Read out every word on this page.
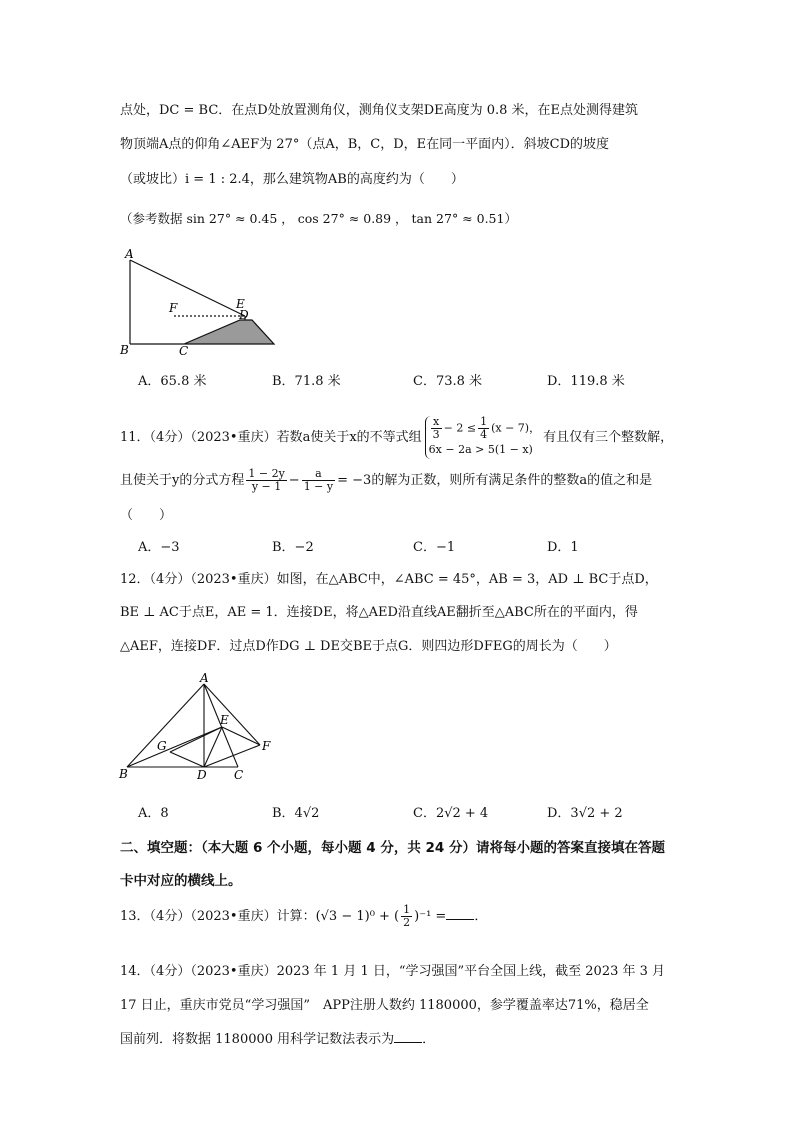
点处，DC = BC．在点D处放置测角仪，测角仪支架DE高度为 0.8 米，在E点处测得建筑
物顶端A点的仰角∠AEF为 27°（点A，B，C，D，E在同一平面内）．斜坡CD的坡度
（或坡比）i = 1 : 2.4，那么建筑物AB的高度约为（　　）
（参考数据 sin 27° ≈ 0.45 ， cos 27° ≈ 0.89 ， tan 27° ≈ 0.51）
A
B	C
F	E
D
A．65.8 米	B．71.8 米	C．73.8 米	D．119.8 米
11．（4分）（2023•重庆）若数a使关于x的不等式组 $\frac{x}{3} - 2 \le \frac{1}{4} (x - 7)$，
6x − 2a > 5(1 − x)
有且仅有三个整数解，
且使关于y的分式方程 $\frac{1 - 2y}{y - 1} - \frac{a}{1 - y} = -3$的解为正数，则所有满足条件的整数a的值之和是
（　　）
A．−3	B．−2	C．−1	D．1
12．（4分）（2023•重庆）如图，在△ABC中，∠ABC = 45°，AB = 3，AD ⊥ BC于点D，
BE ⊥ AC于点E，AE = 1．连接DE，将△AED沿直线AE翻折至△ABC所在的平面内，得
△AEF，连接DF．过点D作DG ⊥ DE交BE于点G．则四边形DFEG的周长为（　　）
A
B	D C
E
F
G
A．8	B．4√2	C．2√2 + 4	D．3√2 + 2
二、填空题：（本大题 6 个小题，每小题 4 分，共 24 分）请将每小题的答案直接填在答题
卡中对应的横线上。
13．（4分）（2023•重庆）计算：(√3 − 1)⁰ + ( $\frac{1}{2} )^{-1}$ = ．
14．（4分）（2023•重庆）2023 年 1 月 1 日，“学习强国”平台全国上线，截至 2023 年 3 月
17 日止，重庆市党员“学习强国”　APP注册人数约 1180000，参学覆盖率达71%，稳居全
国前列．将数据 1180000 用科学记数法表示为 ．
